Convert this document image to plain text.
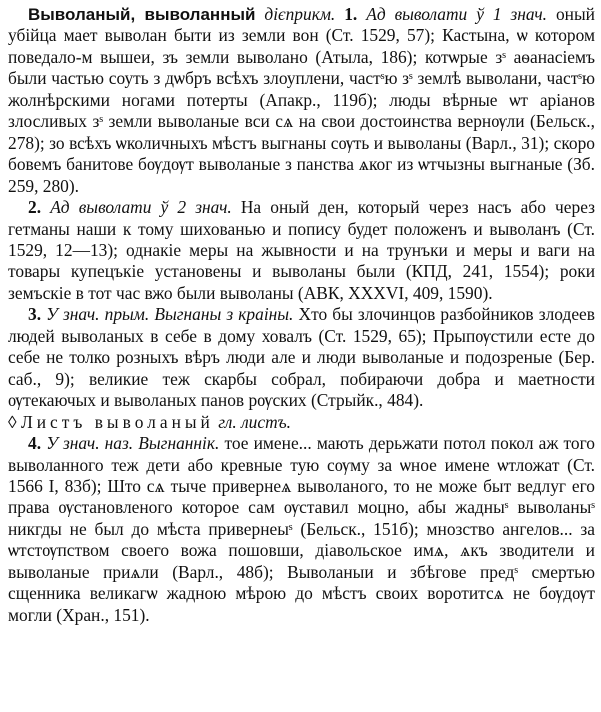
Выволаный, выволанный дієприкм. 1. Ад выволати ў 1 знач. оный убійца мает выволан быти из земли вон (Ст. 1529, 57); Кастына, ѡ котором поведало-м вышеи, зъ земли выволано (Атыла, 186); котѡрые зˢ аѳанасіемъ были частью соуть з дѡбръ всѣхъ злоуплени, частˢю зˢ землѣ выволани, частˢю жолнѣрскими ногами потерты (Апакр., 119б); люды вѣрные ѡт аріанов злосливых зˢ земли выволаные вси сѧ на свои достоинства вернѹли (Бельск., 278); зо всѣхъ ѡколичныхъ мѣстъ выгнаны сѹть и выволаны (Варл., 31); скоро бовемъ банитове бѹдѹт выволаные з панства ѧког из ѡтчызны выгнаные (Зб. 259, 280).

2. Ад выволати ў 2 знач. На оный ден, который через насъ або через гетманы наши к тому шихованью и попису будет положенъ и выволанъ (Ст. 1529, 12—13); однакіе меры на жывности и на трунъки и меры и ваги на товары купецъкіе установены и выволаны были (КПД, 241, 1554); роки земъскіе в тот час вжо были выволаны (АВК, XXXVI, 409, 1590).

3. У знач. прым. Выгнаны з краіны. Хто бы злочинцов разбойников злодеев людей выволаных в себе в дому ховалъ (Ст. 1529, 65); Прыпѹстили есте до себе не толко розныхъ вѣръ люди але и люди выволаные и подозреные (Бер. саб., 9); великие теж скарбы собрал, побираючи добра и маетности ѹтекаючых и выволаных панов рѹских (Стрыйк., 484).

◊ Листъ выволаный гл. листъ.

4. У знач. наз. Выгнаннік. тое имене... мають дерьжати потол покол аж того выволанного теж дети або кревные тую сѹму за ѡное имене ѡтложат (Ст. 1566 I, 83б); Што сѧ тыче привернеѧ выволаного, то не може быт ведлуг его права ѹстановленого которое сам ѹставил моцно, абы жадныˢ выволаныˢ никгды не был до мѣста привернеыˢ (Бельск., 151б); мнозство ангелов... за ѡтстѹпством своего вожа пошовши, діавольское имѧ, ѧкъ зводители и выволаные приѧли (Варл., 48б); Выволаныи и збѣгове предˢ смертью сщенника великагѡ жадною мѣрою до мѣстъ своих воротитсѧ не бѹдѹт могли (Хран., 151).
